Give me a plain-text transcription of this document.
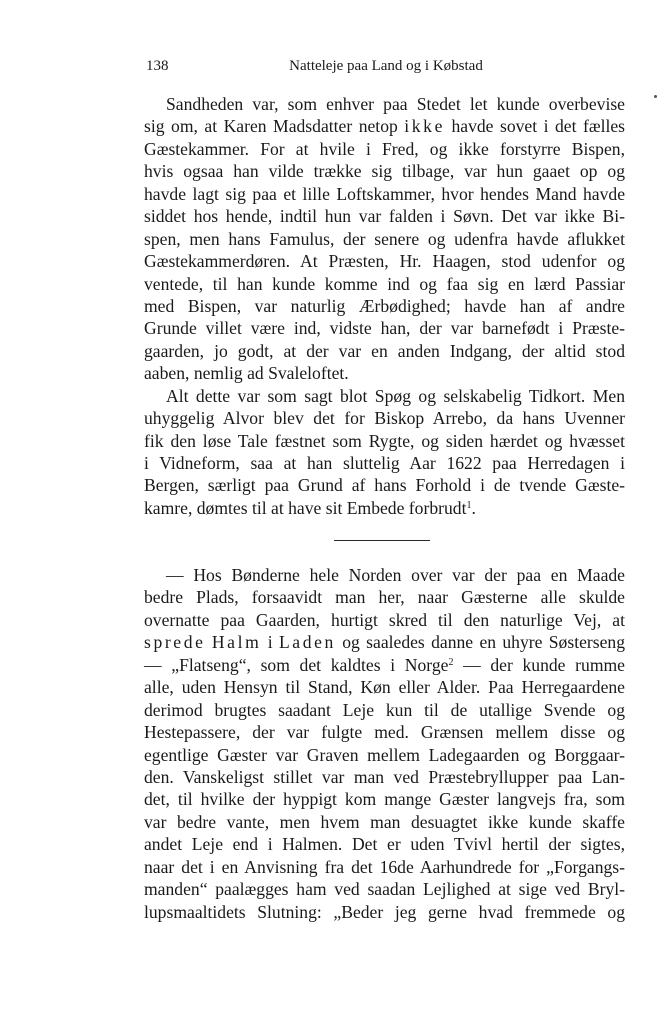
138	Natteleje paa Land og i Købstad
Sandheden var, som enhver paa Stedet let kunde overbevise
sig om, at Karen Madsdatter netop ikke havde sovet i det fælles
Gæstekammer. For at hvile i Fred, og ikke forstyrre Bispen,
hvis ogsaa han vilde trække sig tilbage, var hun gaaet op og
havde lagt sig paa et lille Loftskammer, hvor hendes Mand havde
siddet hos hende, indtil hun var falden i Søvn. Det var ikke Bi-
spen, men hans Famulus, der senere og udenfra havde aflukket
Gæstekammerdøren. At Præsten, Hr. Haagen, stod udenfor og
ventede, til han kunde komme ind og faa sig en lærd Passiar
med Bispen, var naturlig Ærbødighed; havde han af andre
Grunde villet være ind, vidste han, der var barnefødt i Præste-
gaarden, jo godt, at der var en anden Indgang, der altid stod
aaben, nemlig ad Svaleloftet.
Alt dette var som sagt blot Spøg og selskabelig Tidkort. Men
uhyggelig Alvor blev det for Biskop Arrebo, da hans Uvenner
fik den løse Tale fæstnet som Rygte, og siden hærdet og hvæsset
i Vidneform, saa at han sluttelig Aar 1622 paa Herredagen i
Bergen, særligt paa Grund af hans Forhold i de tvende Gæste-
kamre, dømtes til at have sit Embede forbrudt$^1$.
— Hos Bønderne hele Norden over var der paa en Maade
bedre Plads, forsaavidt man her, naar Gæsterne alle skulde
overnatte paa Gaarden, hurtigt skred til den naturlige Vej, at
sprede Halm i Laden og saaledes danne en uhyre Søsterseng
— „Flatseng“, som det kaldtes i Norge$^2$ — der kunde rumme
alle, uden Hensyn til Stand, Køn eller Alder. Paa Herregaardene
derimod brugtes saadant Leje kun til de utallige Svende og
Hestepassere, der var fulgte med. Grænsen mellem disse og
egentlige Gæster var Graven mellem Ladegaarden og Borggaar-
den. Vanskeligst stillet var man ved Præstebryllupper paa Lan-
det, til hvilke der hyppigt kom mange Gæster langvejs fra, som
var bedre vante, men hvem man desuagtet ikke kunde skaffe
andet Leje end i Halmen. Det er uden Tvivl hertil der sigtes,
naar det i en Anvisning fra det 16de Aarhundrede for „Forgangs-
manden“ paalægges ham ved saadan Lejlighed at sige ved Bryl-
lupsmaaltidets Slutning: „Beder jeg gerne hvad fremmede og
